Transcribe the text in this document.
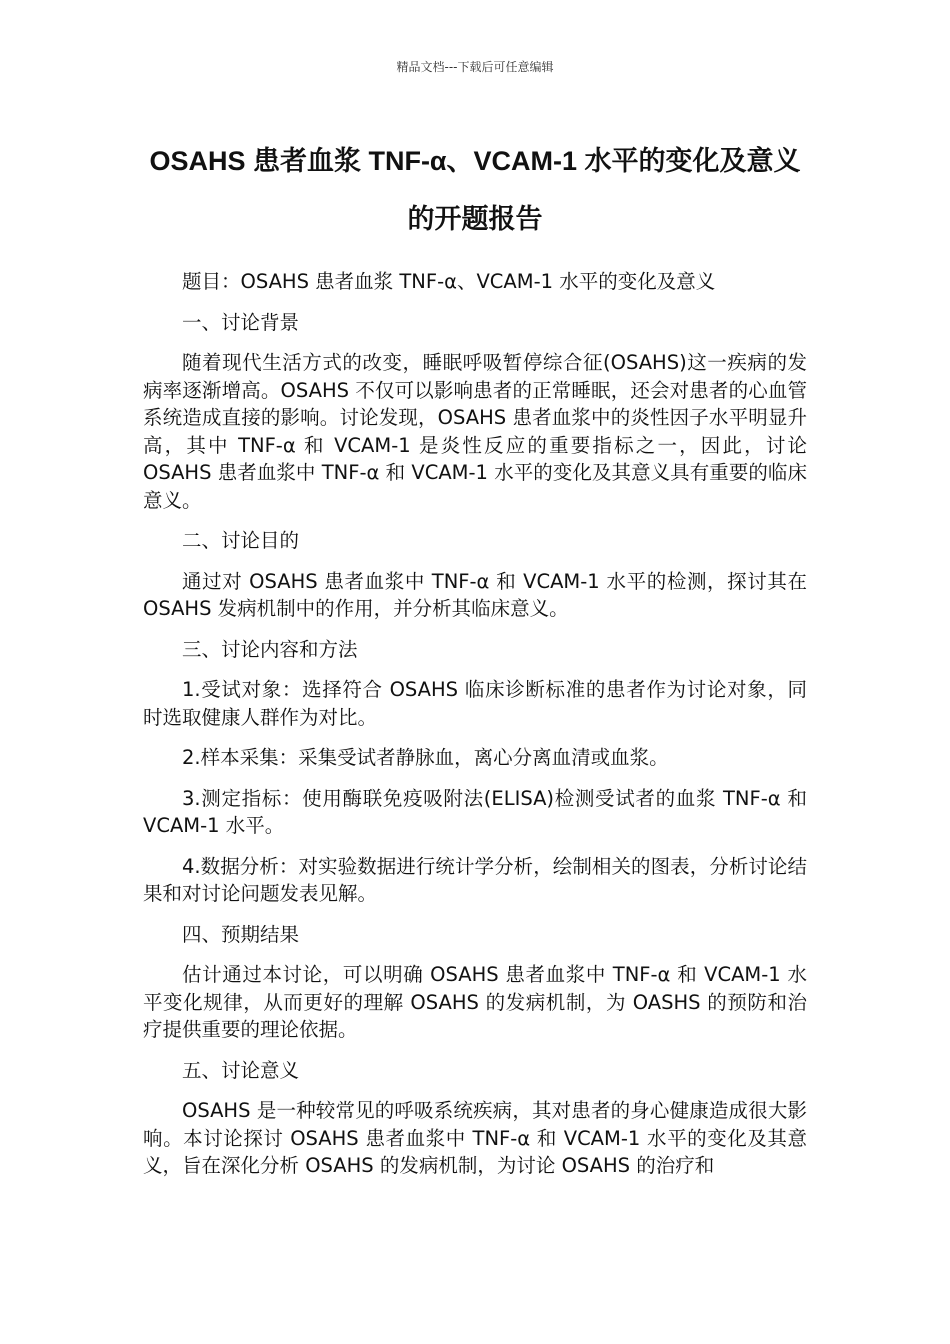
精品文档---下载后可任意编辑
OSAHS 患者血浆 TNF-α、VCAM-1 水平的变化及意义的开题报告

题目：OSAHS 患者血浆 TNF-α、VCAM-1 水平的变化及意义

一、讨论背景

随着现代生活方式的改变，睡眠呼吸暂停综合征(OSAHS)这一疾病的发病率逐渐增高。OSAHS 不仅可以影响患者的正常睡眠，还会对患者的心血管系统造成直接的影响。讨论发现，OSAHS 患者血浆中的炎性因子水平明显升高，其中 TNF-α 和 VCAM-1 是炎性反应的重要指标之一，因此，讨论 OSAHS 患者血浆中 TNF-α 和 VCAM-1 水平的变化及其意义具有重要的临床意义。

二、讨论目的

通过对 OSAHS 患者血浆中 TNF-α 和 VCAM-1 水平的检测，探讨其在 OSAHS 发病机制中的作用，并分析其临床意义。

三、讨论内容和方法

1.受试对象：选择符合 OSAHS 临床诊断标准的患者作为讨论对象，同时选取健康人群作为对比。

2.样本采集：采集受试者静脉血，离心分离血清或血浆。

3.测定指标：使用酶联免疫吸附法(ELISA)检测受试者的血浆 TNF-α 和 VCAM-1 水平。

4.数据分析：对实验数据进行统计学分析，绘制相关的图表，分析讨论结果和对讨论问题发表见解。

四、预期结果

估计通过本讨论，可以明确 OSAHS 患者血浆中 TNF-α 和 VCAM-1 水平变化规律，从而更好的理解 OSAHS 的发病机制，为 OASHS 的预防和治疗提供重要的理论依据。

五、讨论意义

OSAHS 是一种较常见的呼吸系统疾病，其对患者的身心健康造成很大影响。本讨论探讨 OSAHS 患者血浆中 TNF-α 和 VCAM-1 水平的变化及其意义，旨在深化分析 OSAHS 的发病机制，为讨论 OSAHS 的治疗和
